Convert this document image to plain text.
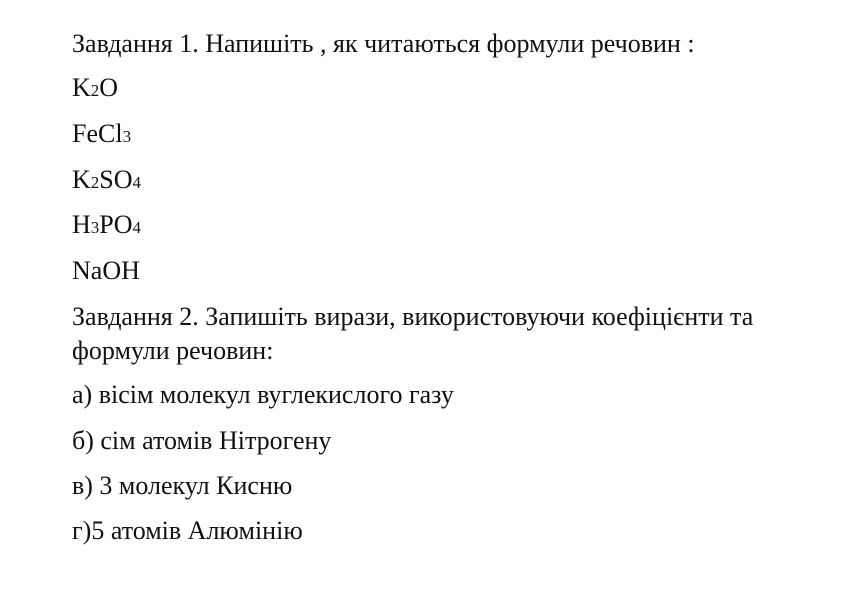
Завдання 1. Напишіть , як читаються формули речовин :
K 2 O
FeCl 3
K 2 SO 4
H 3 PO 4
NaOH
Завдання 2. Запишіть вирази, використовуючи коефіцієнти та формули речовин:
а) вісім молекул вуглекислого газу
б) сім атомів Нітрогену
в) 3 молекул Кисню
г)5 атомів Алюмінію
